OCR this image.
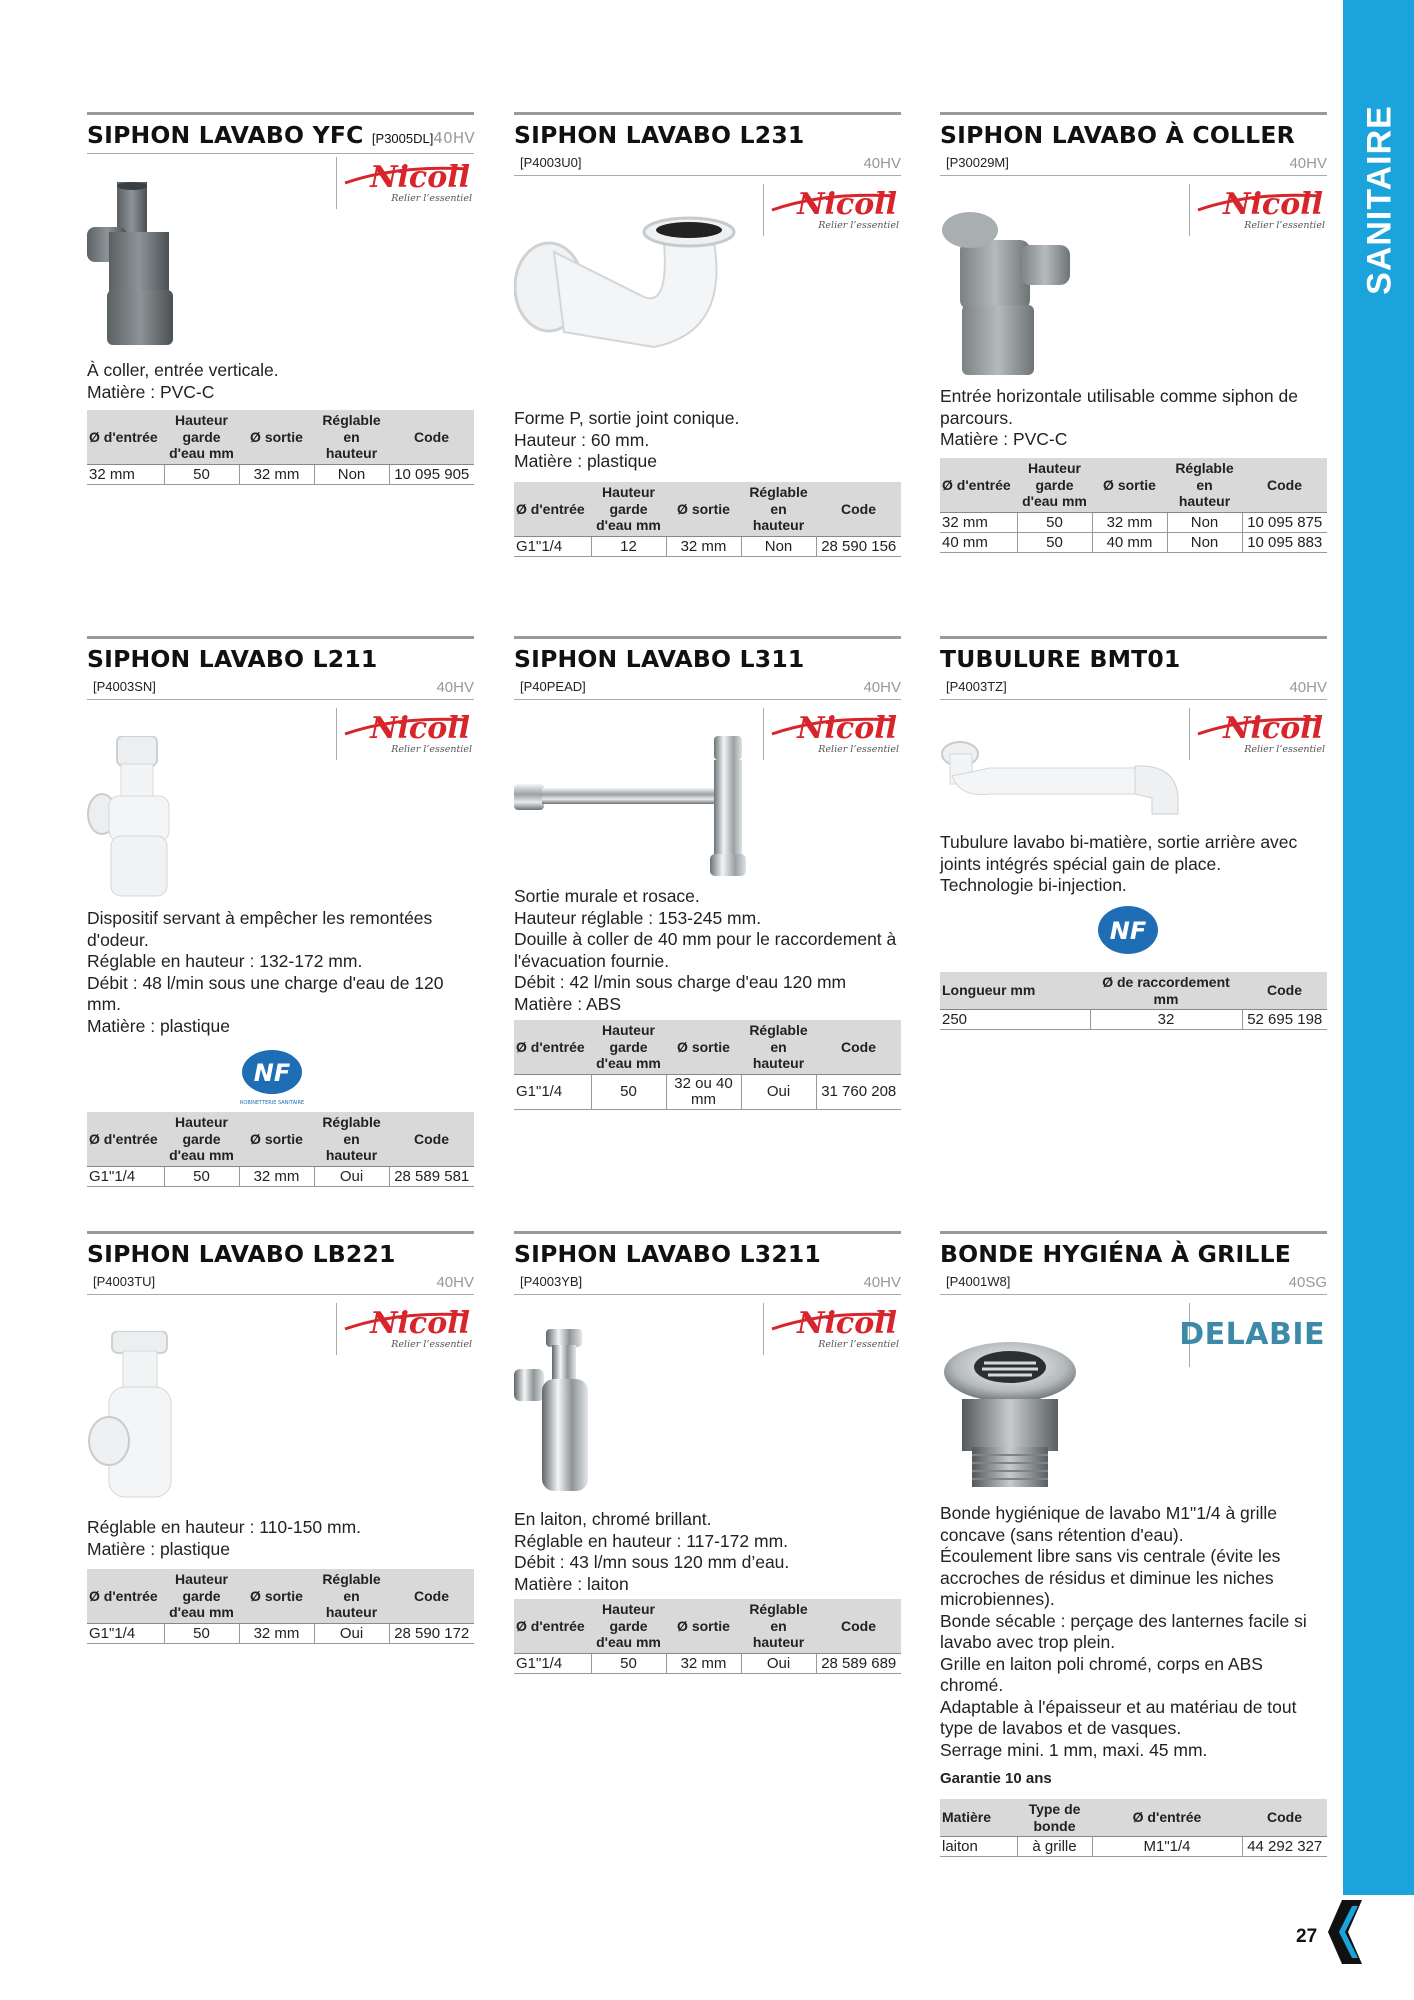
SANITAIRE
27
SIPHON LAVABO YFC [P3005DL]40HV
Nicoll
Relier l’essentiel

À coller, entrée verticale.

Matière : PVC-C

Ø d'entrée	Hauteur garde d'eau mm	Ø sortie	Réglable en hauteur	Code
32 mm	50	32 mm	Non	10 095 905
SIPHON LAVABO L231
[P4003U0]	40HV
Nicoll
Relier l’essentiel

Forme P, sortie joint conique.

Hauteur : 60 mm.

Matière : plastique

Ø d'entrée	Hauteur garde d'eau mm	Ø sortie	Réglable en hauteur	Code
G1"1/4	12	32 mm	Non	28 590 156
SIPHON LAVABO À COLLER
[P30029M]	40HV
Nicoll
Relier l’essentiel

Entrée horizontale utilisable comme siphon de parcours.

Matière : PVC-C

Ø d'entrée	Hauteur garde d'eau mm	Ø sortie	Réglable en hauteur	Code
32 mm	50	32 mm	Non	10 095 875
40 mm	50	40 mm	Non	10 095 883
SIPHON LAVABO L211
[P4003SN]	40HV
Nicoll
Relier l’essentiel

Dispositif servant à empêcher les remontées d'odeur.

Réglable en hauteur : 132-172 mm.

Débit : 48 l/min sous une charge d'eau de 120 mm.

Matière : plastique

NF
ROBINETTERIE SANITAIRE
Ø d'entrée	Hauteur garde d'eau mm	Ø sortie	Réglable en hauteur	Code
G1"1/4	50	32 mm	Oui	28 589 581
SIPHON LAVABO L311
[P40PEAD]	40HV
Nicoll
Relier l’essentiel

Sortie murale et rosace.

Hauteur réglable : 153-245 mm.

Douille à coller de 40 mm pour le raccordement à l'évacuation fournie.

Débit : 42 l/min sous charge d'eau 120 mm

Matière : ABS

Ø d'entrée	Hauteur garde d'eau mm	Ø sortie	Réglable en hauteur	Code
G1"1/4	50	32 ou 40 mm	Oui	31 760 208
TUBULURE BMT01
[P4003TZ]	40HV
Nicoll
Relier l’essentiel

Tubulure lavabo bi-matière, sortie arrière avec joints intégrés spécial gain de place.

Technologie bi-injection.

NF
Longueur mm	Ø de raccordement mm	Code
250	32	52 695 198
SIPHON LAVABO LB221
[P4003TU]	40HV
Nicoll
Relier l’essentiel

Réglable en hauteur : 110-150 mm.

Matière : plastique

Ø d'entrée	Hauteur garde d'eau mm	Ø sortie	Réglable en hauteur	Code
G1"1/4	50	32 mm	Oui	28 590 172
SIPHON LAVABO L3211
[P4003YB]	40HV
Nicoll
Relier l’essentiel

En laiton, chromé brillant.

Réglable en hauteur : 117-172 mm.

Débit : 43 l/mn sous 120 mm d’eau.

Matière : laiton

Ø d'entrée	Hauteur garde d'eau mm	Ø sortie	Réglable en hauteur	Code
G1"1/4	50	32 mm	Oui	28 589 689
BONDE HYGIÉNA À GRILLE
[P4001W8]	40SG
DELABIE

Bonde hygiénique de lavabo M1"1/4 à grille concave (sans rétention d'eau).

Écoulement libre sans vis centrale (évite les accroches de résidus et diminue les niches microbiennes).

Bonde sécable : perçage des lanternes facile si lavabo avec trop plein.

Grille en laiton poli chromé, corps en ABS chromé.

Adaptable à l'épaisseur et au matériau de tout type de lavabos et de vasques.

Serrage mini. 1 mm, maxi. 45 mm.

Garantie 10 ans

Matière	Type de bonde	Ø d'entrée	Code
laiton	à grille	M1"1/4	44 292 327
